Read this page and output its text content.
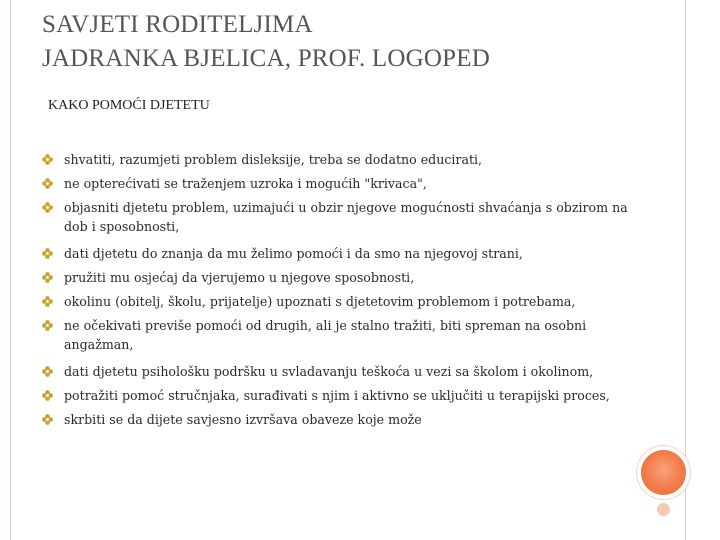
SAVJETI RODITELJIMA
JADRANKA BJELICA, PROF. LOGOPED
KAKO POMOĆI DJETETU
shvatiti, razumjeti problem disleksije, treba se dodatno educirati,
ne opterećivati se traženjem uzroka i mogućih "krivaca",
objasniti djetetu problem, uzimajući u obzir njegove mogućnosti shvaćanja s obzirom na dob i sposobnosti,
dati djetetu do znanja da mu želimo pomoći i da smo na njegovoj strani,
pružiti mu osjećaj da vjerujemo u njegove sposobnosti,
okolinu (obitelj, školu, prijatelje) upoznati s djetetovim problemom i potrebama,
ne očekivati previše pomoći od drugih, ali je stalno tražiti, biti spreman na osobni angažman,
dati djetetu psihološku podršku u svladavanju teškoća u vezi sa školom i okolinom,
potražiti pomoć stručnjaka, surađivati s njim i aktivno se uključiti u terapijski proces,
skrbiti se da dijete savjesno izvršava obaveze koje može
